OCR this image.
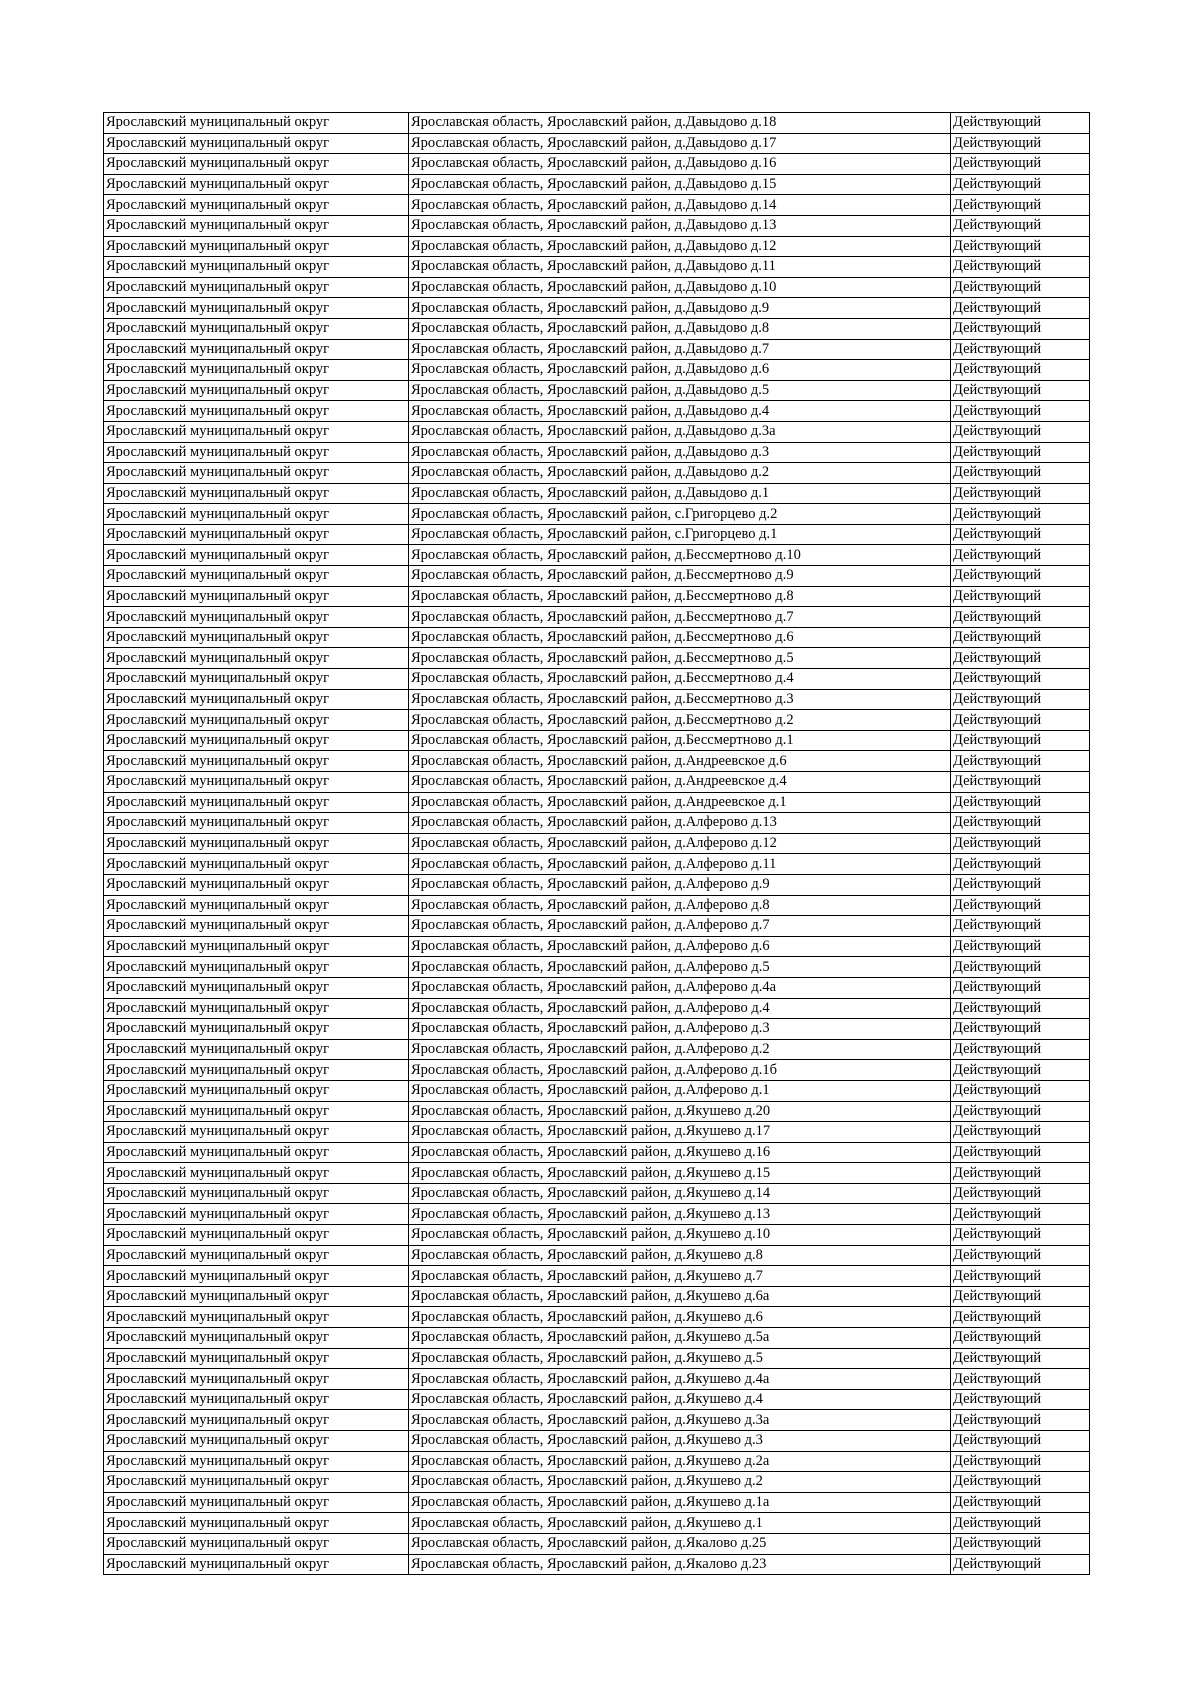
Ярославский муниципальный округ	Ярославская область, Ярославский район, д.Давыдово д.18	Действующий
Ярославский муниципальный округ	Ярославская область, Ярославский район, д.Давыдово д.17	Действующий
Ярославский муниципальный округ	Ярославская область, Ярославский район, д.Давыдово д.16	Действующий
Ярославский муниципальный округ	Ярославская область, Ярославский район, д.Давыдово д.15	Действующий
Ярославский муниципальный округ	Ярославская область, Ярославский район, д.Давыдово д.14	Действующий
Ярославский муниципальный округ	Ярославская область, Ярославский район, д.Давыдово д.13	Действующий
Ярославский муниципальный округ	Ярославская область, Ярославский район, д.Давыдово д.12	Действующий
Ярославский муниципальный округ	Ярославская область, Ярославский район, д.Давыдово д.11	Действующий
Ярославский муниципальный округ	Ярославская область, Ярославский район, д.Давыдово д.10	Действующий
Ярославский муниципальный округ	Ярославская область, Ярославский район, д.Давыдово д.9	Действующий
Ярославский муниципальный округ	Ярославская область, Ярославский район, д.Давыдово д.8	Действующий
Ярославский муниципальный округ	Ярославская область, Ярославский район, д.Давыдово д.7	Действующий
Ярославский муниципальный округ	Ярославская область, Ярославский район, д.Давыдово д.6	Действующий
Ярославский муниципальный округ	Ярославская область, Ярославский район, д.Давыдово д.5	Действующий
Ярославский муниципальный округ	Ярославская область, Ярославский район, д.Давыдово д.4	Действующий
Ярославский муниципальный округ	Ярославская область, Ярославский район, д.Давыдово д.3а	Действующий
Ярославский муниципальный округ	Ярославская область, Ярославский район, д.Давыдово д.3	Действующий
Ярославский муниципальный округ	Ярославская область, Ярославский район, д.Давыдово д.2	Действующий
Ярославский муниципальный округ	Ярославская область, Ярославский район, д.Давыдово д.1	Действующий
Ярославский муниципальный округ	Ярославская область, Ярославский район, с.Григорцево д.2	Действующий
Ярославский муниципальный округ	Ярославская область, Ярославский район, с.Григорцево д.1	Действующий
Ярославский муниципальный округ	Ярославская область, Ярославский район, д.Бессмертново д.10	Действующий
Ярославский муниципальный округ	Ярославская область, Ярославский район, д.Бессмертново д.9	Действующий
Ярославский муниципальный округ	Ярославская область, Ярославский район, д.Бессмертново д.8	Действующий
Ярославский муниципальный округ	Ярославская область, Ярославский район, д.Бессмертново д.7	Действующий
Ярославский муниципальный округ	Ярославская область, Ярославский район, д.Бессмертново д.6	Действующий
Ярославский муниципальный округ	Ярославская область, Ярославский район, д.Бессмертново д.5	Действующий
Ярославский муниципальный округ	Ярославская область, Ярославский район, д.Бессмертново д.4	Действующий
Ярославский муниципальный округ	Ярославская область, Ярославский район, д.Бессмертново д.3	Действующий
Ярославский муниципальный округ	Ярославская область, Ярославский район, д.Бессмертново д.2	Действующий
Ярославский муниципальный округ	Ярославская область, Ярославский район, д.Бессмертново д.1	Действующий
Ярославский муниципальный округ	Ярославская область, Ярославский район, д.Андреевское д.6	Действующий
Ярославский муниципальный округ	Ярославская область, Ярославский район, д.Андреевское д.4	Действующий
Ярославский муниципальный округ	Ярославская область, Ярославский район, д.Андреевское д.1	Действующий
Ярославский муниципальный округ	Ярославская область, Ярославский район, д.Алферово д.13	Действующий
Ярославский муниципальный округ	Ярославская область, Ярославский район, д.Алферово д.12	Действующий
Ярославский муниципальный округ	Ярославская область, Ярославский район, д.Алферово д.11	Действующий
Ярославский муниципальный округ	Ярославская область, Ярославский район, д.Алферово д.9	Действующий
Ярославский муниципальный округ	Ярославская область, Ярославский район, д.Алферово д.8	Действующий
Ярославский муниципальный округ	Ярославская область, Ярославский район, д.Алферово д.7	Действующий
Ярославский муниципальный округ	Ярославская область, Ярославский район, д.Алферово д.6	Действующий
Ярославский муниципальный округ	Ярославская область, Ярославский район, д.Алферово д.5	Действующий
Ярославский муниципальный округ	Ярославская область, Ярославский район, д.Алферово д.4а	Действующий
Ярославский муниципальный округ	Ярославская область, Ярославский район, д.Алферово д.4	Действующий
Ярославский муниципальный округ	Ярославская область, Ярославский район, д.Алферово д.3	Действующий
Ярославский муниципальный округ	Ярославская область, Ярославский район, д.Алферово д.2	Действующий
Ярославский муниципальный округ	Ярославская область, Ярославский район, д.Алферово д.1б	Действующий
Ярославский муниципальный округ	Ярославская область, Ярославский район, д.Алферово д.1	Действующий
Ярославский муниципальный округ	Ярославская область, Ярославский район, д.Якушево д.20	Действующий
Ярославский муниципальный округ	Ярославская область, Ярославский район, д.Якушево д.17	Действующий
Ярославский муниципальный округ	Ярославская область, Ярославский район, д.Якушево д.16	Действующий
Ярославский муниципальный округ	Ярославская область, Ярославский район, д.Якушево д.15	Действующий
Ярославский муниципальный округ	Ярославская область, Ярославский район, д.Якушево д.14	Действующий
Ярославский муниципальный округ	Ярославская область, Ярославский район, д.Якушево д.13	Действующий
Ярославский муниципальный округ	Ярославская область, Ярославский район, д.Якушево д.10	Действующий
Ярославский муниципальный округ	Ярославская область, Ярославский район, д.Якушево д.8	Действующий
Ярославский муниципальный округ	Ярославская область, Ярославский район, д.Якушево д.7	Действующий
Ярославский муниципальный округ	Ярославская область, Ярославский район, д.Якушево д.6а	Действующий
Ярославский муниципальный округ	Ярославская область, Ярославский район, д.Якушево д.6	Действующий
Ярославский муниципальный округ	Ярославская область, Ярославский район, д.Якушево д.5а	Действующий
Ярославский муниципальный округ	Ярославская область, Ярославский район, д.Якушево д.5	Действующий
Ярославский муниципальный округ	Ярославская область, Ярославский район, д.Якушево д.4а	Действующий
Ярославский муниципальный округ	Ярославская область, Ярославский район, д.Якушево д.4	Действующий
Ярославский муниципальный округ	Ярославская область, Ярославский район, д.Якушево д.3а	Действующий
Ярославский муниципальный округ	Ярославская область, Ярославский район, д.Якушево д.3	Действующий
Ярославский муниципальный округ	Ярославская область, Ярославский район, д.Якушево д.2а	Действующий
Ярославский муниципальный округ	Ярославская область, Ярославский район, д.Якушево д.2	Действующий
Ярославский муниципальный округ	Ярославская область, Ярославский район, д.Якушево д.1а	Действующий
Ярославский муниципальный округ	Ярославская область, Ярославский район, д.Якушево д.1	Действующий
Ярославский муниципальный округ	Ярославская область, Ярославский район, д.Якалово д.25	Действующий
Ярославский муниципальный округ	Ярославская область, Ярославский район, д.Якалово д.23	Действующий
